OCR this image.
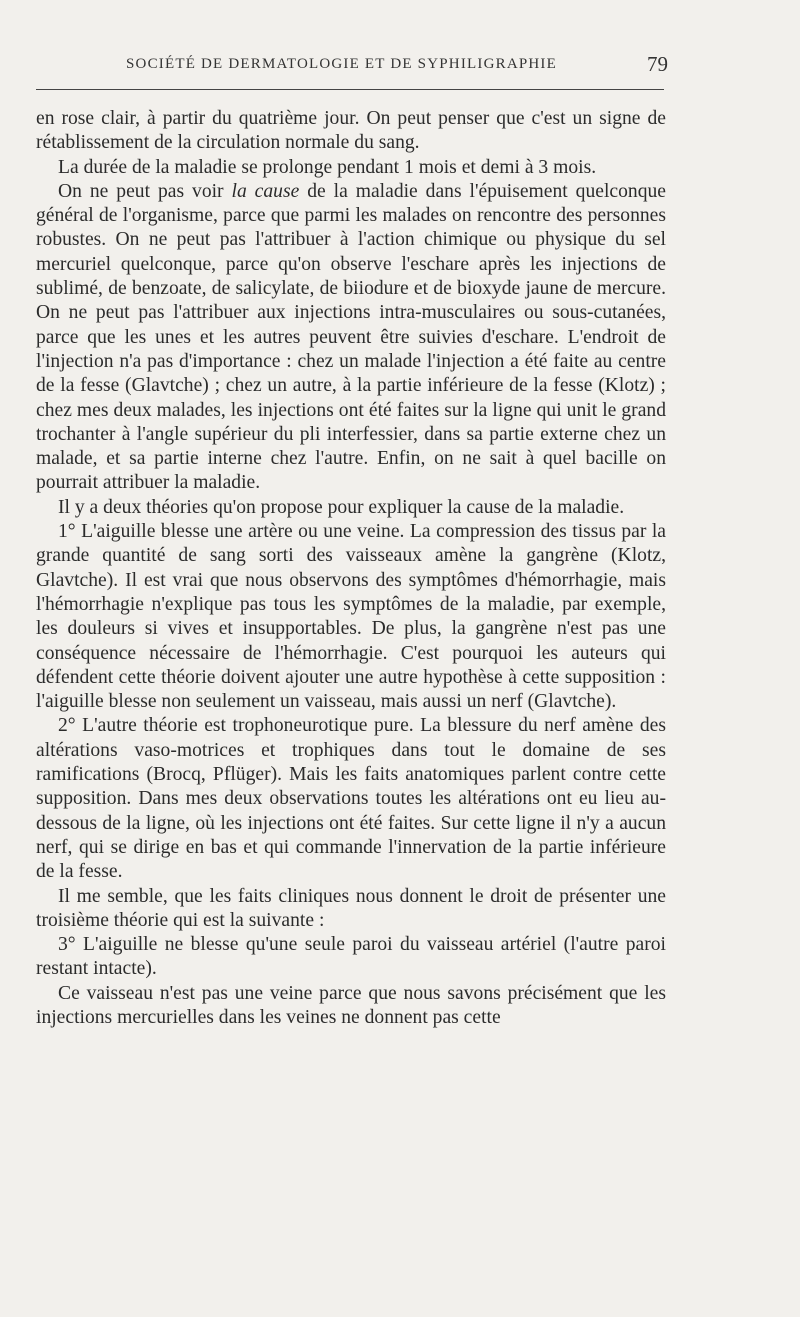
SOCIÉTÉ DE DERMATOLOGIE ET DE SYPHILIGRAPHIE	79

en rose clair, à partir du quatrième jour. On peut penser que c'est un signe de rétablissement de la circulation normale du sang.

La durée de la maladie se prolonge pendant 1 mois et demi à 3 mois.

On ne peut pas voir la cause de la maladie dans l'épuisement quelconque général de l'organisme, parce que parmi les malades on rencontre des personnes robustes. On ne peut pas l'attribuer à l'action chimique ou physique du sel mercuriel quelconque, parce qu'on observe l'eschare après les injections de sublimé, de benzoate, de salicylate, de biiodure et de bioxyde jaune de mercure. On ne peut pas l'attribuer aux injections intra-musculaires ou sous-cutanées, parce que les unes et les autres peuvent être suivies d'eschare. L'endroit de l'injection n'a pas d'importance : chez un malade l'injection a été faite au centre de la fesse (Glavtche) ; chez un autre, à la partie inférieure de la fesse (Klotz) ; chez mes deux malades, les injections ont été faites sur la ligne qui unit le grand trochanter à l'angle supérieur du pli interfessier, dans sa partie externe chez un malade, et sa partie interne chez l'autre. Enfin, on ne sait à quel bacille on pourrait attribuer la maladie.

Il y a deux théories qu'on propose pour expliquer la cause de la maladie.

1° L'aiguille blesse une artère ou une veine. La compression des tissus par la grande quantité de sang sorti des vaisseaux amène la gangrène (Klotz, Glavtche). Il est vrai que nous observons des symptômes d'hémorrhagie, mais l'hémorrhagie n'explique pas tous les symptômes de la maladie, par exemple, les douleurs si vives et insupportables. De plus, la gangrène n'est pas une conséquence nécessaire de l'hémorrhagie. C'est pourquoi les auteurs qui défendent cette théorie doivent ajouter une autre hypothèse à cette supposition : l'aiguille blesse non seulement un vaisseau, mais aussi un nerf (Glavtche).

2° L'autre théorie est trophoneurotique pure. La blessure du nerf amène des altérations vaso-motrices et trophiques dans tout le domaine de ses ramifications (Brocq, Pflüger). Mais les faits anatomiques parlent contre cette supposition. Dans mes deux observations toutes les altérations ont eu lieu au-dessous de la ligne, où les injections ont été faites. Sur cette ligne il n'y a aucun nerf, qui se dirige en bas et qui commande l'innervation de la partie inférieure de la fesse.

Il me semble, que les faits cliniques nous donnent le droit de présenter une troisième théorie qui est la suivante :

3° L'aiguille ne blesse qu'une seule paroi du vaisseau artériel (l'autre paroi restant intacte).

Ce vaisseau n'est pas une veine parce que nous savons précisément que les injections mercurielles dans les veines ne donnent pas cette
